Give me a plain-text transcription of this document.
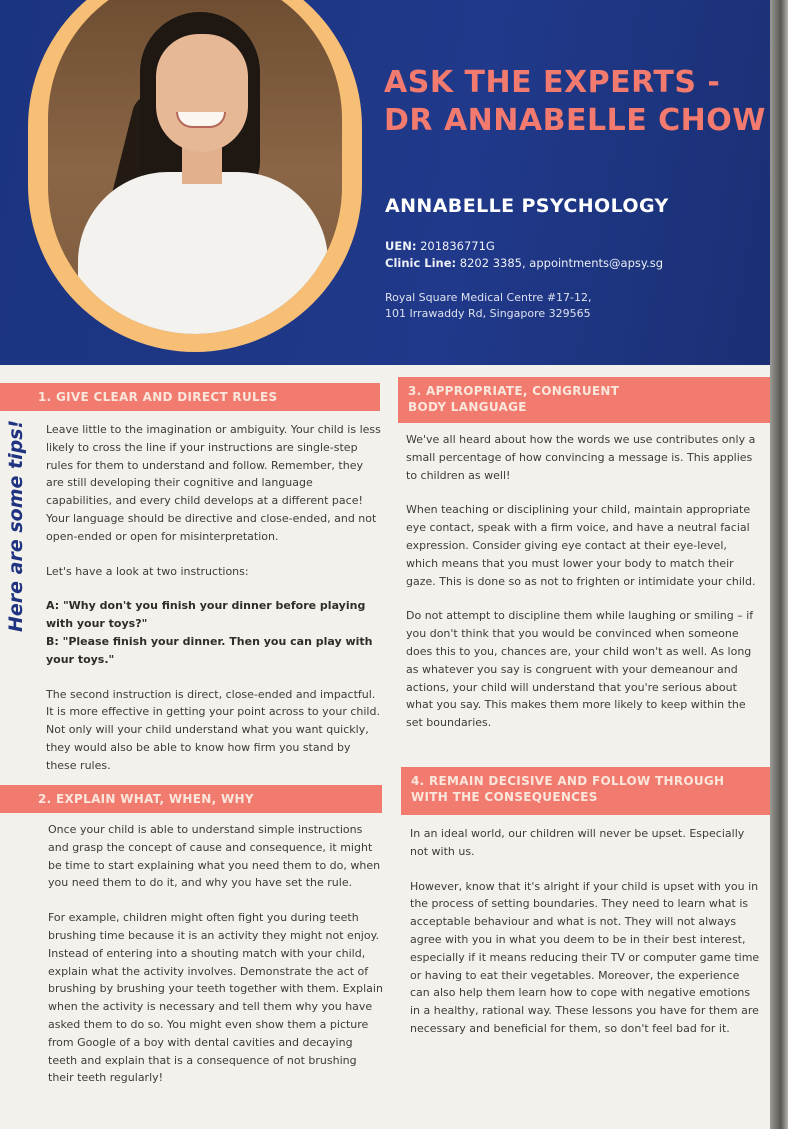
ASK THE EXPERTS -
DR ANNABELLE CHOW
ANNABELLE PSYCHOLOGY
UEN: 201836771G
Clinic Line: 8202 3385, appointments@apsy.sg
Royal Square Medical Centre #17-12,
101 Irrawaddy Rd, Singapore 329565
Here are some tips!
1. GIVE CLEAR AND DIRECT RULES

Leave little to the imagination or ambiguity. Your child is less likely to cross the line if your instructions are single-step rules for them to understand and follow. Remember, they are still developing their cognitive and language capabilities, and every child develops at a different pace! Your language should be directive and close-ended, and not open-ended or open for misinterpretation.

Let's have a look at two instructions:

A: "Why don't you finish your dinner before playing with your toys?"
B: "Please finish your dinner. Then you can play with your toys."

The second instruction is direct, close-ended and impactful. It is more effective in getting your point across to your child. Not only will your child understand what you want quickly, they would also be able to know how firm you stand by these rules.

2. EXPLAIN WHAT, WHEN, WHY

Once your child is able to understand simple instructions and grasp the concept of cause and consequence, it might be time to start explaining what you need them to do, when you need them to do it, and why you have set the rule.

For example, children might often fight you during teeth brushing time because it is an activity they might not enjoy. Instead of entering into a shouting match with your child, explain what the activity involves. Demonstrate the act of brushing by brushing your teeth together with them. Explain when the activity is necessary and tell them why you have asked them to do so. You might even show them a picture from Google of a boy with dental cavities and decaying teeth and explain that is a consequence of not brushing their teeth regularly!

3. APPROPRIATE, CONGRUENT
BODY LANGUAGE

We've all heard about how the words we use contributes only a small percentage of how convincing a message is. This applies to children as well!

When teaching or disciplining your child, maintain appropriate eye contact, speak with a firm voice, and have a neutral facial expression. Consider giving eye contact at their eye-level, which means that you must lower your body to match their gaze. This is done so as not to frighten or intimidate your child.

Do not attempt to discipline them while laughing or smiling – if you don't think that you would be convinced when someone does this to you, chances are, your child won't as well. As long as whatever you say is congruent with your demeanour and actions, your child will understand that you're serious about what you say. This makes them more likely to keep within the set boundaries.

4. REMAIN DECISIVE AND FOLLOW THROUGH
WITH THE CONSEQUENCES

In an ideal world, our children will never be upset. Especially not with us.

However, know that it's alright if your child is upset with you in the process of setting boundaries. They need to learn what is acceptable behaviour and what is not. They will not always agree with you in what you deem to be in their best interest, especially if it means reducing their TV or computer game time or having to eat their vegetables. Moreover, the experience can also help them learn how to cope with negative emotions in a healthy, rational way. These lessons you have for them are necessary and beneficial for them, so don't feel bad for it.
